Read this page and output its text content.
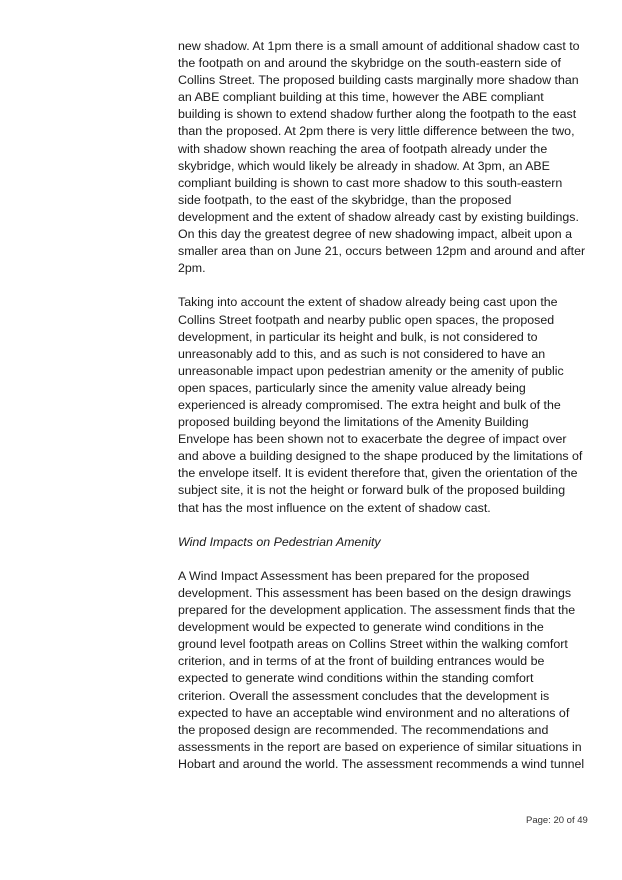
new shadow. At 1pm there is a small amount of additional shadow cast to
the footpath on and around the skybridge on the south-eastern side of
Collins Street. The proposed building casts marginally more shadow than
an ABE compliant building at this time, however the ABE compliant
building is shown to extend shadow further along the footpath to the east
than the proposed. At 2pm there is very little difference between the two,
with shadow shown reaching the area of footpath already under the
skybridge, which would likely be already in shadow. At 3pm, an ABE
compliant building is shown to cast more shadow to this south-eastern
side footpath, to the east of the skybridge, than the proposed
development and the extent of shadow already cast by existing buildings.
On this day the greatest degree of new shadowing impact, albeit upon a
smaller area than on June 21, occurs between 12pm and around and after
2pm.
Taking into account the extent of shadow already being cast upon the
Collins Street footpath and nearby public open spaces, the proposed
development, in particular its height and bulk, is not considered to
unreasonably add to this, and as such is not considered to have an
unreasonable impact upon pedestrian amenity or the amenity of public
open spaces, particularly since the amenity value already being
experienced is already compromised. The extra height and bulk of the
proposed building beyond the limitations of the Amenity Building
Envelope has been shown not to exacerbate the degree of impact over
and above a building designed to the shape produced by the limitations of
the envelope itself. It is evident therefore that, given the orientation of the
subject site, it is not the height or forward bulk of the proposed building
that has the most influence on the extent of shadow cast.
Wind Impacts on Pedestrian Amenity
A Wind Impact Assessment has been prepared for the proposed
development. This assessment has been based on the design drawings
prepared for the development application. The assessment finds that the
development would be expected to generate wind conditions in the
ground level footpath areas on Collins Street within the walking comfort
criterion, and in terms of at the front of building entrances would be
expected to generate wind conditions within the standing comfort
criterion. Overall the assessment concludes that the development is
expected to have an acceptable wind environment and no alterations of
the proposed design are recommended. The recommendations and
assessments in the report are based on experience of similar situations in
Hobart and around the world. The assessment recommends a wind tunnel
Page: 20 of 49
